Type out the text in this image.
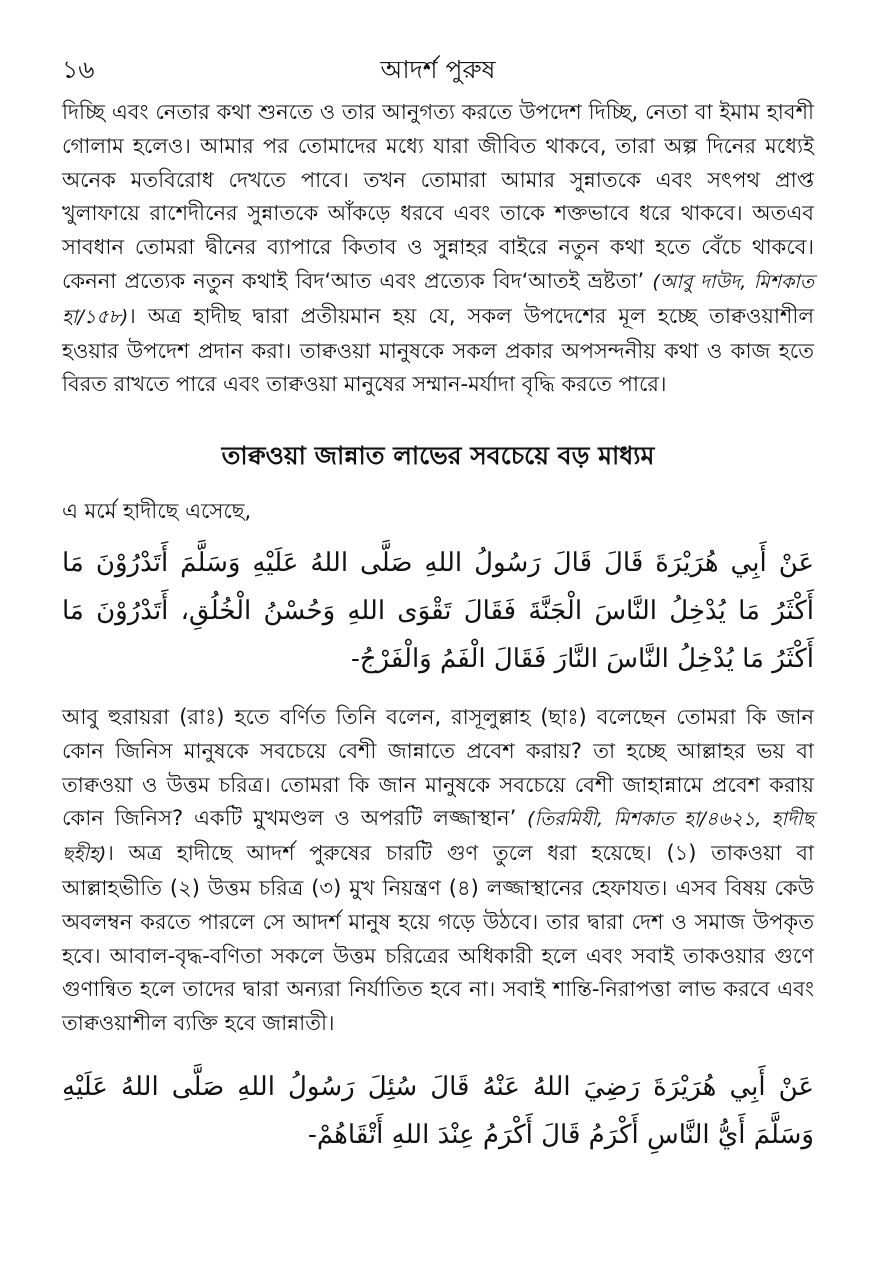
১৬	আদর্শ পুরুষ

দিচ্ছি এবং নেতার কথা শুনতে ও তার আনুগত্য করতে উপদেশ দিচ্ছি, নেতা বা ইমাম হাবশী গোলাম হলেও। আমার পর তোমাদের মধ্যে যারা জীবিত থাকবে, তারা অল্প দিনের মধ্যেই অনেক মতবিরোধ দেখতে পাবে। তখন তোমারা আমার সুন্নাতকে এবং সৎপথ প্রাপ্ত খুলাফায়ে রাশেদীনের সুন্নাতকে আঁকড়ে ধরবে এবং তাকে শক্তভাবে ধরে থাকবে। অতএব সাবধান তোমরা দ্বীনের ব্যাপারে কিতাব ও সুন্নাহর বাইরে নতুন কথা হতে বেঁচে থাকবে। কেননা প্রত্যেক নতুন কথাই বিদ‘আত এবং প্রত্যেক বিদ‘আতই ভ্রষ্টতা’ (আবু দাউদ, মিশকাত হা/১৫৮)। অত্র হাদীছ দ্বারা প্রতীয়মান হয় যে, সকল উপদেশের মূল হচ্ছে তাক্বওয়াশীল হওয়ার উপদেশ প্রদান করা। তাক্বওয়া মানুষকে সকল প্রকার অপসন্দনীয় কথা ও কাজ হতে বিরত রাখতে পারে এবং তাক্বওয়া মানুষের সম্মান-মর্যাদা বৃদ্ধি করতে পারে।

তাক্বওয়া জান্নাত লাভের সবচেয়ে বড় মাধ্যম

এ মর্মে হাদীছে এসেছে,

عَنْ أَبِي هُرَيْرَةَ قَالَ قَالَ رَسُولُ اللهِ صَلَّى اللهُ عَلَيْهِ وَسَلَّمَ أَتَدْرُوْنَ مَا أَكْثَرُ مَا يُدْخِلُ النَّاسَ الْجَنَّةَ فَقَالَ تَقْوَى اللهِ وَحُسْنُ الْخُلُقِ، أَتَدْرُوْنَ مَا أَكْثَرُ مَا يُدْخِلُ النَّاسَ النَّارَ فَقَالَ الْفَمُ وَالْفَرْجُ-

আবু হুরায়রা (রাঃ) হতে বর্ণিত তিনি বলেন, রাসূলুল্লাহ (ছাঃ) বলেছেন তোমরা কি জান কোন জিনিস মানুষকে সবচেয়ে বেশী জান্নাতে প্রবেশ করায়? তা হচ্ছে আল্লাহর ভয় বা তাক্বওয়া ও উত্তম চরিত্র। তোমরা কি জান মানুষকে সবচেয়ে বেশী জাহান্নামে প্রবেশ করায় কোন জিনিস? একটি মুখমণ্ডল ও অপরটি লজ্জাস্থান’ (তিরমিযী, মিশকাত হা/৪৬২১, হাদীছ ছহীহ)। অত্র হাদীছে আদর্শ পুরুষের চারটি গুণ তুলে ধরা হয়েছে। (১) তাকওয়া বা আল্লাহভীতি (২) উত্তম চরিত্র (৩) মুখ নিয়ন্ত্রণ (৪) লজ্জাস্থানের হেফাযত। এসব বিষয় কেউ অবলম্বন করতে পারলে সে আদর্শ মানুষ হয়ে গড়ে উঠবে। তার দ্বারা দেশ ও সমাজ উপকৃত হবে। আবাল-বৃদ্ধ-বণিতা সকলে উত্তম চরিত্রের অধিকারী হলে এবং সবাই তাকওয়ার গুণে গুণান্বিত হলে তাদের দ্বারা অন্যরা নির্যাতিত হবে না। সবাই শান্তি-নিরাপত্তা লাভ করবে এবং তাক্বওয়াশীল ব্যক্তি হবে জান্নাতী।

عَنْ أَبِي هُرَيْرَةَ رَضِيَ اللهُ عَنْهُ قَالَ سُئِلَ رَسُولُ اللهِ صَلَّى اللهُ عَلَيْهِ وَسَلَّمَ أَيُّ النَّاسِ أَكْرَمُ قَالَ أَكْرَمُ عِنْدَ اللهِ أَتْقَاهُمْ-
